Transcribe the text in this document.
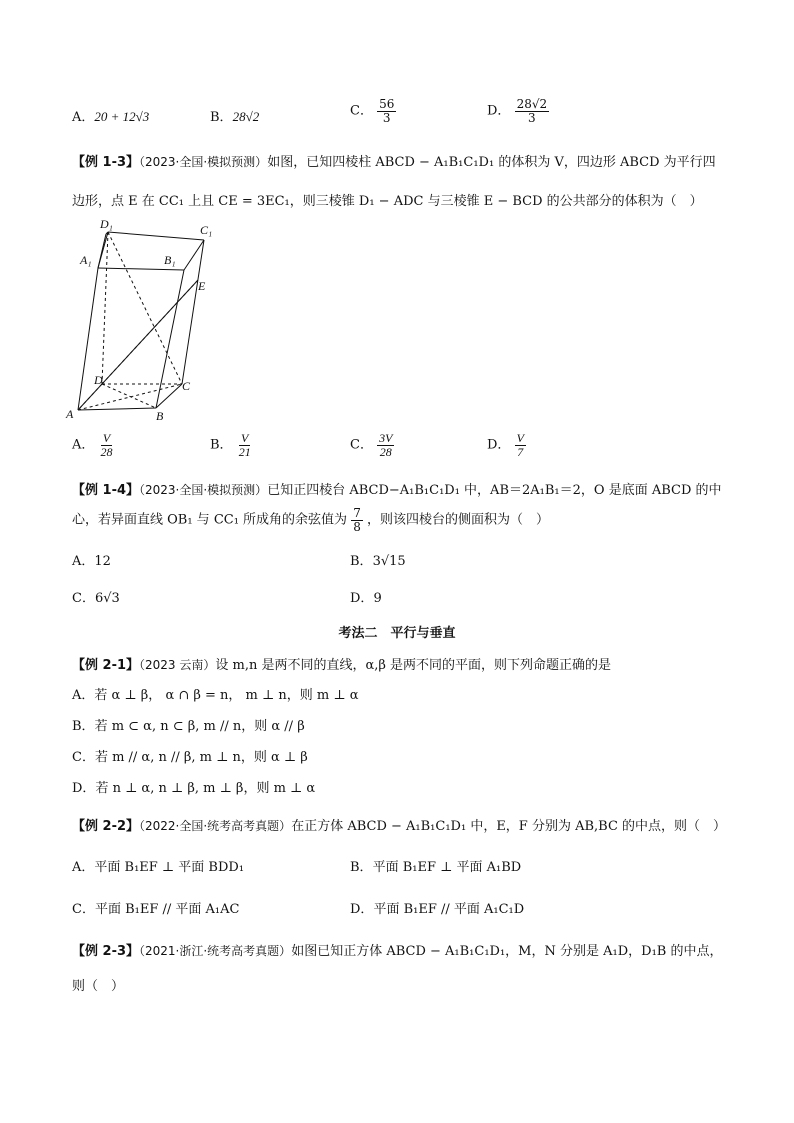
A．20 + 12√3	B．28√2	C． $\frac{56}{3}$	D． $\frac{28√2}{3}$
【例 1-3】（2023·全国·模拟预测）如图，已知四棱柱 ABCD − A₁B₁C₁D₁ 的体积为 V，四边形 ABCD 为平行四
边形，点 E 在 CC₁ 上且 CE = 3EC₁，则三棱锥 D₁ − ADC 与三棱锥 E − BCD 的公共部分的体积为（　）
D₁	C₁
A₁	B₁
E
D	C
A	B
A． $\frac{V}{28}$	B． $\frac{V}{21}$	C． $\frac{3V}{28}$	D． $\frac{V}{7}$
【例 1-4】（2023·全国·模拟预测）已知正四棱台 ABCD−A₁B₁C₁D₁ 中，AB＝2A₁B₁＝2，O 是底面 ABCD 的中
心，若异面直线 OB₁ 与 CC₁ 所成角的余弦值为 $\frac{7}{8}$ ，则该四棱台的侧面积为（　）
A．12	B．3√15
C．6√3	D．9
考法二　平行与垂直
【例 2-1】（2023 云南）设 m,n 是两不同的直线，α,β 是两不同的平面，则下列命题正确的是
A．若 α ⊥ β， α ∩ β = n， m ⊥ n，则 m ⊥ α
B．若 m ⊂ α, n ⊂ β, m // n，则 α // β
C．若 m // α, n // β, m ⊥ n，则 α ⊥ β
D．若 n ⊥ α, n ⊥ β, m ⊥ β，则 m ⊥ α
【例 2-2】（2022·全国·统考高考真题）在正方体 ABCD − A₁B₁C₁D₁ 中，E，F 分别为 AB,BC 的中点，则（　）
A．平面 B₁EF ⊥ 平面 BDD₁	B．平面 B₁EF ⊥ 平面 A₁BD
C．平面 B₁EF // 平面 A₁AC	D．平面 B₁EF // 平面 A₁C₁D
【例 2-3】（2021·浙江·统考高考真题）如图已知正方体 ABCD − A₁B₁C₁D₁，M，N 分别是 A₁D，D₁B 的中点，
则（　）
